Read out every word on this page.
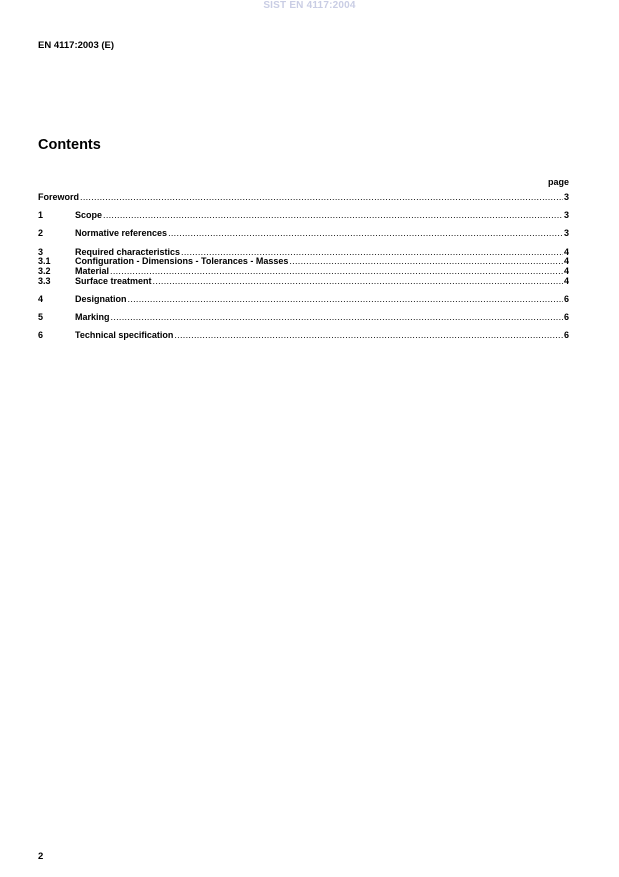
SIST EN 4117:2004
EN 4117:2003 (E)
Contents
page
Foreword .....	3
1	Scope .....	3
2	Normative references .....	3
3	Required characteristics .....	4
3.1	Configuration - Dimensions - Tolerances - Masses .....	4
3.2	Material .....	4
3.3	Surface treatment .....	4
4	Designation .....	6
5	Marking .....	6
6	Technical specification .....	6
2
